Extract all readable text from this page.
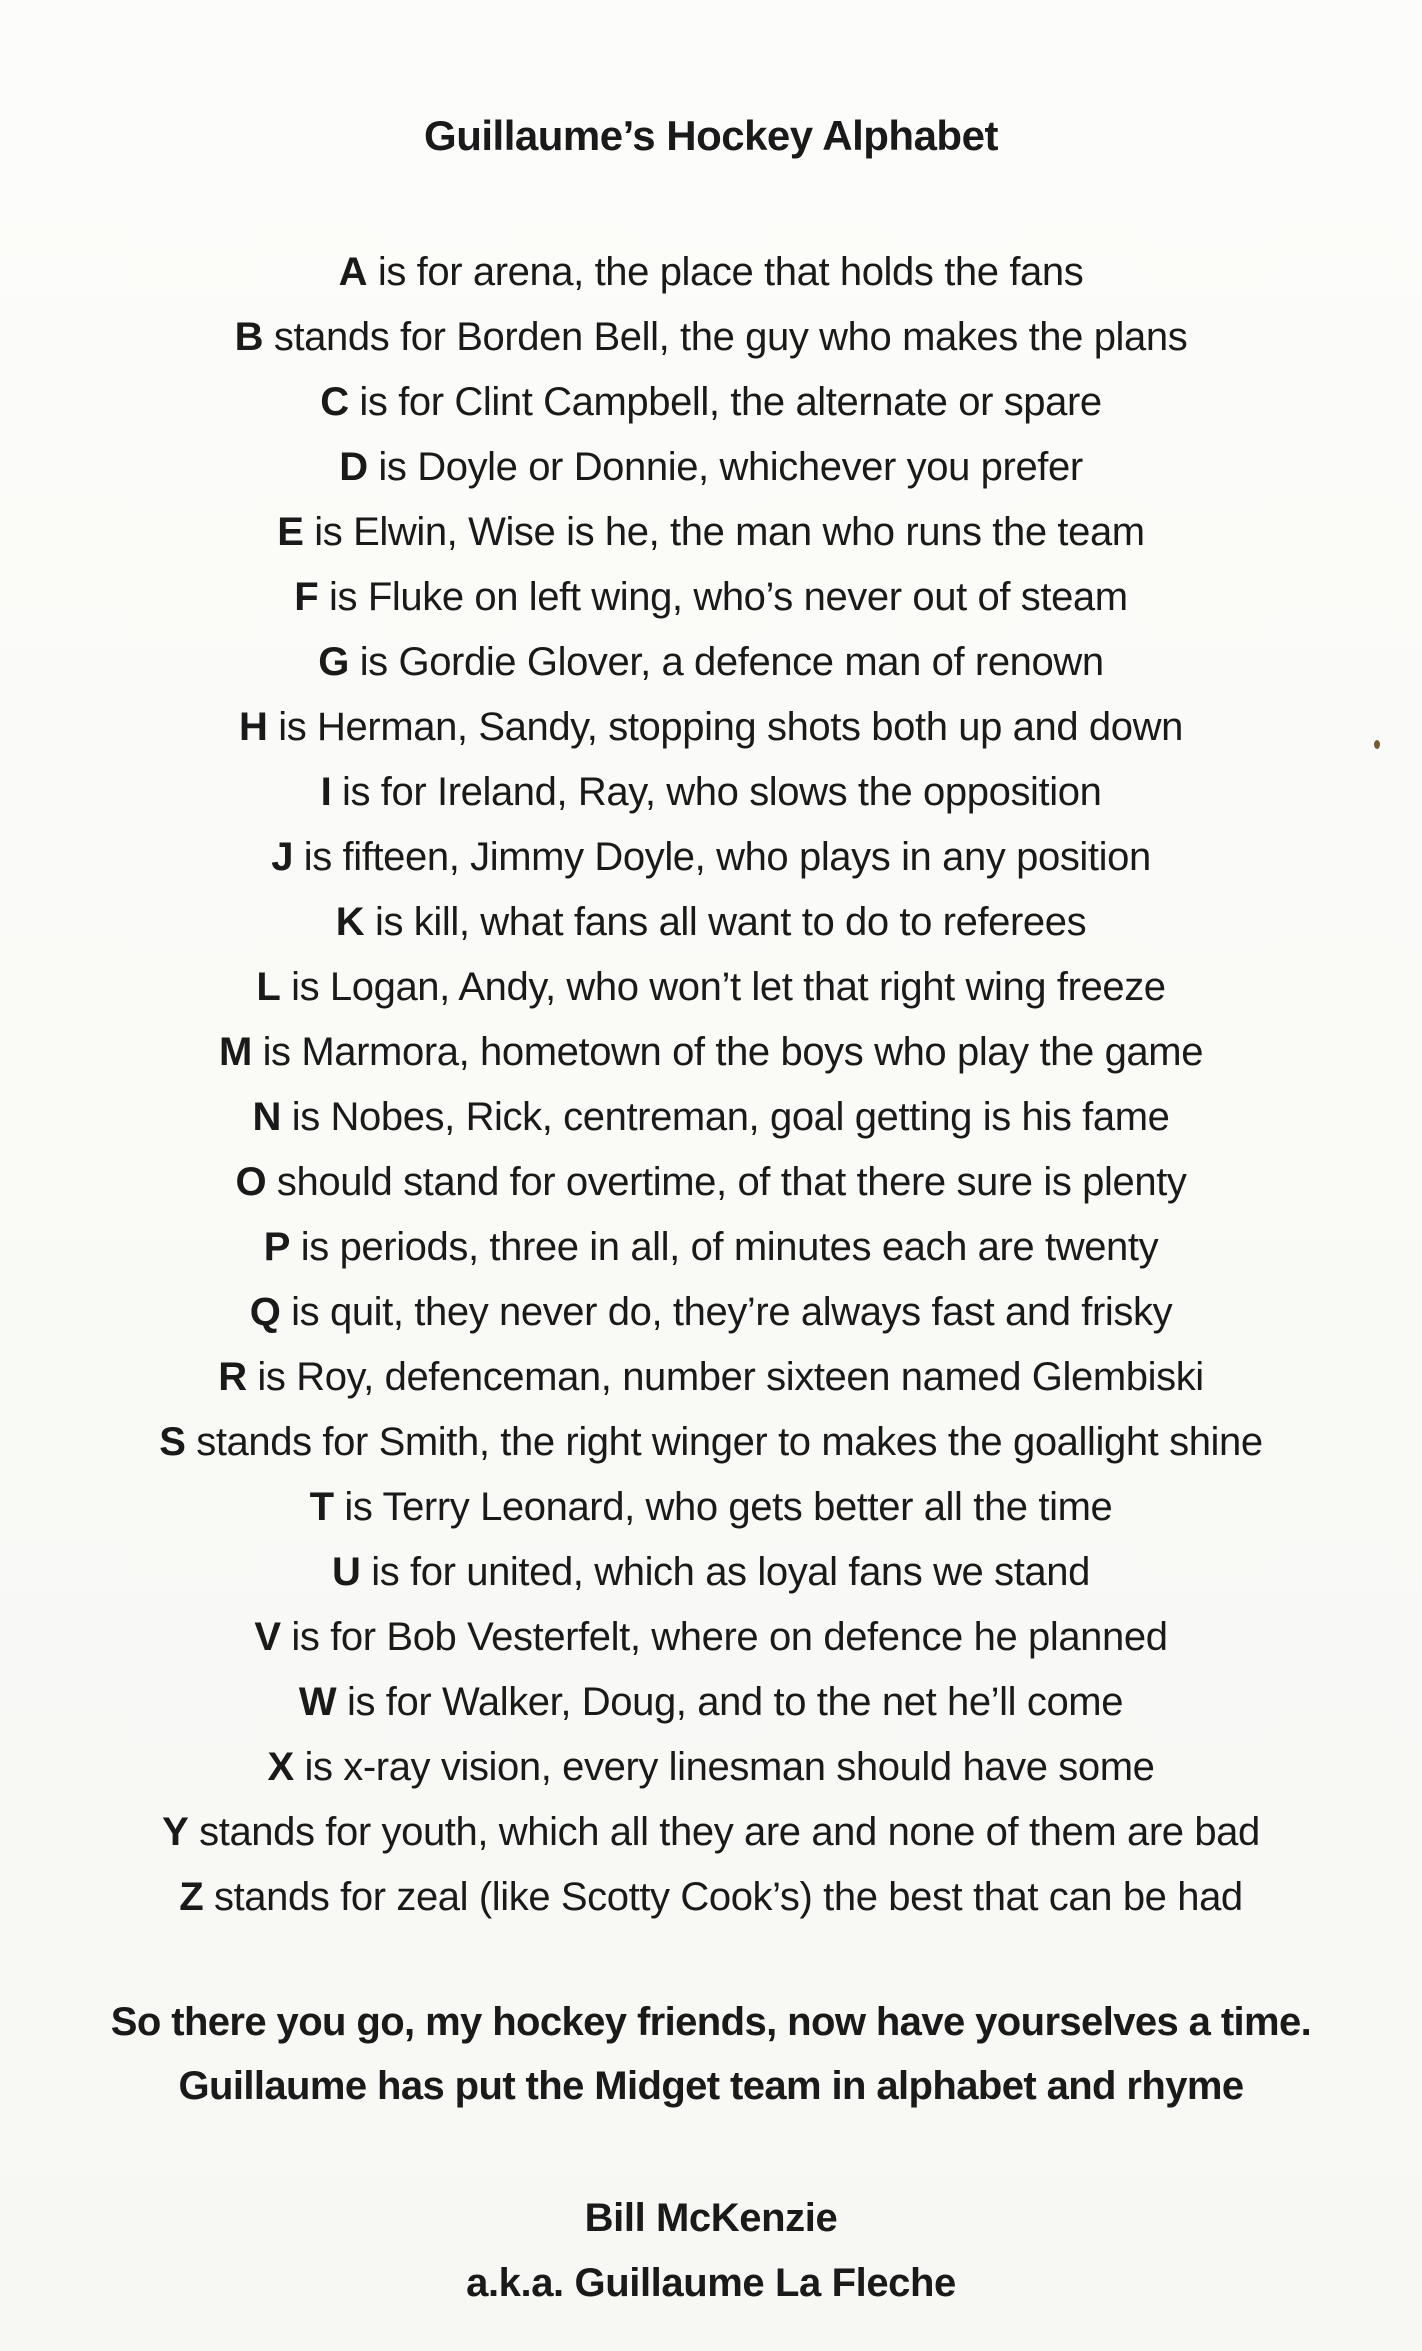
Guillaume’s Hockey Alphabet
A is for arena, the place that holds the fans
B stands for Borden Bell, the guy who makes the plans
C is for Clint Campbell, the alternate or spare
D is Doyle or Donnie, whichever you prefer
E is Elwin, Wise is he, the man who runs the team
F is Fluke on left wing, who’s never out of steam
G is Gordie Glover, a defence man of renown
H is Herman, Sandy, stopping shots both up and down
I is for Ireland, Ray, who slows the opposition
J is fifteen, Jimmy Doyle, who plays in any position
K is kill, what fans all want to do to referees
L is Logan, Andy, who won’t let that right wing freeze
M is Marmora, hometown of the boys who play the game
N is Nobes, Rick, centreman, goal getting is his fame
O should stand for overtime, of that there sure is plenty
P is periods, three in all, of minutes each are twenty
Q is quit, they never do, they’re always fast and frisky
R is Roy, defenceman, number sixteen named Glembiski
S stands for Smith, the right winger to makes the goallight shine
T is Terry Leonard, who gets better all the time
U is for united, which as loyal fans we stand
V is for Bob Vesterfelt, where on defence he planned
W is for Walker, Doug, and to the net he’ll come
X is x-ray vision, every linesman should have some
Y stands for youth, which all they are and none of them are bad
Z stands for zeal (like Scotty Cook’s) the best that can be had
So there you go, my hockey friends, now have yourselves a time.
Guillaume has put the Midget team in alphabet and rhyme
Bill McKenzie
a.k.a. Guillaume La Fleche
